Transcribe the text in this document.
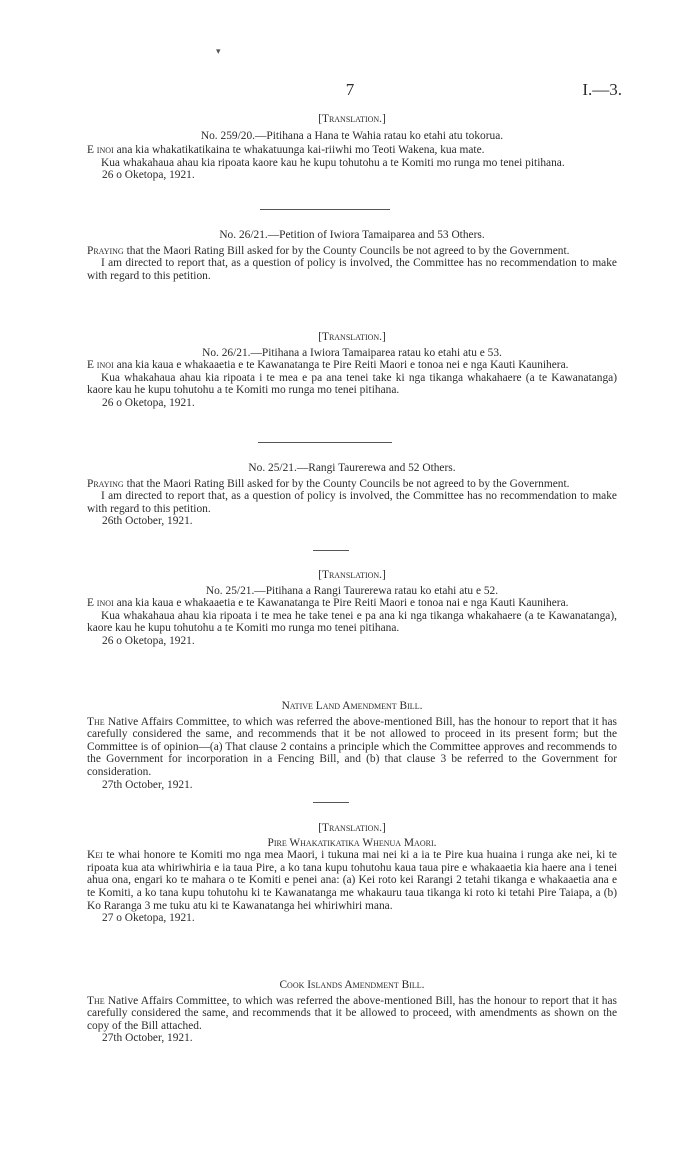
▾
7	I.—3.

[Translation.]

No. 259/20.—Pitihana a Hana te Wahia ratau ko etahi atu tokorua.

E inoi ana kia whakatikatikaina te whakatuunga kai-riiwhi mo Teoti Wakena, kua mate.

Kua whakahaua ahau kia ripoata kaore kau he kupu tohutohu a te Komiti mo runga mo tenei pitihana.

26 o Oketopa, 1921.

No. 26/21.—Petition of Iwiora Tamaiparea and 53 Others.

Praying that the Maori Rating Bill asked for by the County Councils be not agreed to by the Government.

I am directed to report that, as a question of policy is involved, the Committee has no recommendation to make with regard to this petition.

[Translation.]

No. 26/21.—Pitihana a Iwiora Tamaiparea ratau ko etahi atu e 53.

E inoi ana kia kaua e whakaaetia e te Kawanatanga te Pire Reiti Maori e tonoa nei e nga Kauti Kaunihera.

Kua whakahaua ahau kia ripoata i te mea e pa ana tenei take ki nga tikanga whakahaere (a te Kawanatanga) kaore kau he kupu tohutohu a te Komiti mo runga mo tenei pitihana.

26 o Oketopa, 1921.

No. 25/21.—Rangi Taurerewa and 52 Others.

Praying that the Maori Rating Bill asked for by the County Councils be not agreed to by the Government.

I am directed to report that, as a question of policy is involved, the Committee has no recommendation to make with regard to this petition.

26th October, 1921.

[Translation.]

No. 25/21.—Pitihana a Rangi Taurerewa ratau ko etahi atu e 52.

E inoi ana kia kaua e whakaaetia e te Kawanatanga te Pire Reiti Maori e tonoa nai e nga Kauti Kaunihera.

Kua whakahaua ahau kia ripoata i te mea he take tenei e pa ana ki nga tikanga whakahaere (a te Kawanatanga), kaore kau he kupu tohutohu a te Komiti mo runga mo tenei pitihana.

26 o Oketopa, 1921.

Native Land Amendment Bill.

The Native Affairs Committee, to which was referred the above-mentioned Bill, has the honour to report that it has carefully considered the same, and recommends that it be not allowed to proceed in its present form; but the Committee is of opinion—(a) That clause 2 contains a principle which the Committee approves and recommends to the Government for incorporation in a Fencing Bill, and (b) that clause 3 be referred to the Government for consideration.

27th October, 1921.

[Translation.]

Pire Whakatikatika Whenua Maori.

Kei te whai honore te Komiti mo nga mea Maori, i tukuna mai nei ki a ia te Pire kua huaina i runga ake nei, ki te ripoata kua ata whiriwhiria e ia taua Pire, a ko tana kupu tohutohu kaua taua pire e whakaaetia kia haere ana i tenei ahua ona, engari ko te mahara o te Komiti e penei ana: (a) Kei roto kei Rarangi 2 tetahi tikanga e whakaaetia ana e te Komiti, a ko tana kupu tohutohu ki te Kawanatanga me whakauru taua tikanga ki roto ki tetahi Pire Taiapa, a (b) Ko Raranga 3 me tuku atu ki te Kawanatanga hei whiriwhiri mana.

27 o Oketopa, 1921.

Cook Islands Amendment Bill.

The Native Affairs Committee, to which was referred the above-mentioned Bill, has the honour to report that it has carefully considered the same, and recommends that it be allowed to proceed, with amendments as shown on the copy of the Bill attached.

27th October, 1921.
